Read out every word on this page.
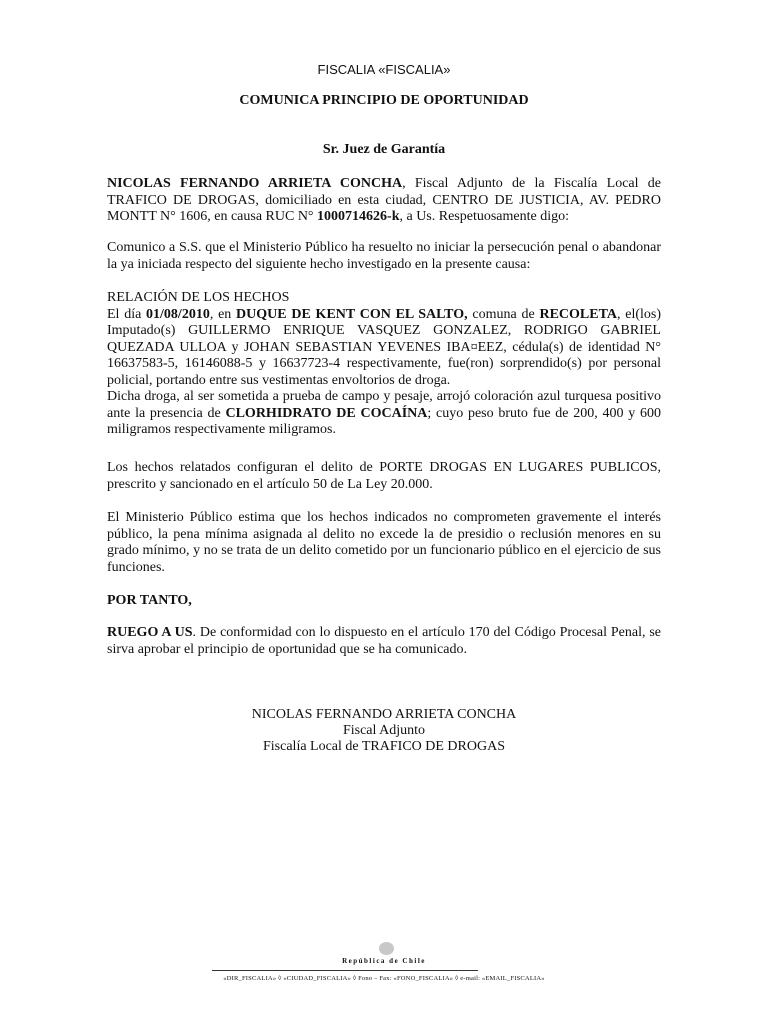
FISCALIA «FISCALIA»
COMUNICA PRINCIPIO DE OPORTUNIDAD
Sr. Juez de Garantía
NICOLAS FERNANDO ARRIETA CONCHA, Fiscal Adjunto de la Fiscalía Local de TRAFICO DE DROGAS, domiciliado en esta ciudad, CENTRO DE JUSTICIA, AV. PEDRO MONTT N° 1606, en causa RUC N° 1000714626-k, a Us. Respetuosamente digo:
Comunico a S.S. que el Ministerio Público ha resuelto no iniciar la persecución penal o abandonar la ya iniciada respecto del siguiente hecho investigado en la presente causa:
RELACIÓN DE LOS HECHOS
El día 01/08/2010, en DUQUE DE KENT CON EL SALTO, comuna de RECOLETA, el(los) Imputado(s) GUILLERMO ENRIQUE VASQUEZ GONZALEZ, RODRIGO GABRIEL QUEZADA ULLOA y JOHAN SEBASTIAN YEVENES IBA¤EEZ, cédula(s) de identidad N° 16637583-5, 16146088-5 y 16637723-4 respectivamente, fue(ron) sorprendido(s) por personal policial, portando entre sus vestimentas envoltorios de droga.
Dicha droga, al ser sometida a prueba de campo y pesaje, arrojó coloración azul turquesa positivo ante la presencia de CLORHIDRATO DE COCAÍNA; cuyo peso bruto fue de 200, 400 y 600 miligramos respectivamente miligramos.
Los hechos relatados configuran el delito de PORTE DROGAS EN LUGARES PUBLICOS, prescrito y sancionado en el artículo 50 de La Ley 20.000.
El Ministerio Público estima que los hechos indicados no comprometen gravemente el interés público, la pena mínima asignada al delito no excede la de presidio o reclusión menores en su grado mínimo, y no se trata de un delito cometido por un funcionario público en el ejercicio de sus funciones.
POR TANTO,
RUEGO A US. De conformidad con lo dispuesto en el artículo 170 del Código Procesal Penal, se sirva aprobar el principio de oportunidad que se ha comunicado.
NICOLAS FERNANDO ARRIETA CONCHA
Fiscal Adjunto
Fiscalía Local de TRAFICO DE DROGAS
República de Chile
«DIR_FISCALIA» ◊ «CIUDAD_FISCALIA» ◊ Fono – Fax: «FONO_FISCALIA» ◊ e-mail: «EMAIL_FISCALIA»
